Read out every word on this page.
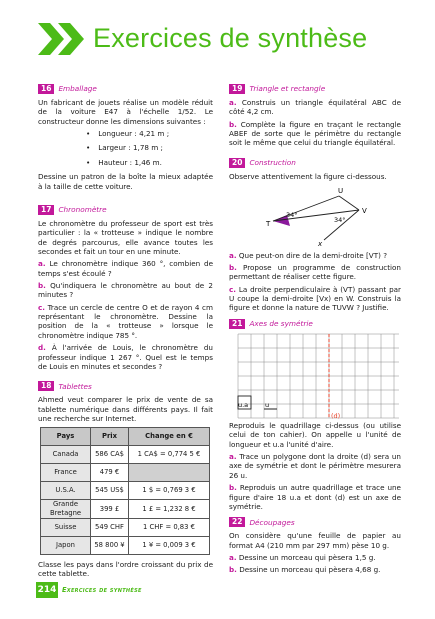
Exercices de synthèse
16 Emballage

Un fabricant de jouets réalise un modèle réduit de la voiture E47 à l'échelle 1/52. Le constructeur donne les dimensions suivantes :

• Longueur : 4,21 m ;
• Largeur : 1,78 m ;
• Hauteur : 1,46 m.

Dessine un patron de la boîte la mieux adaptée à la taille de cette voiture.

17 Chronomètre

Le chronomètre du professeur de sport est très particulier : la « trotteuse » indique le nombre de degrés parcourus, elle avance toutes les secondes et fait un tour en une minute.

a. Le chronomètre indique 360 °, combien de temps s'est écoulé ?

b. Qu'indiquera le chronomètre au bout de 2 minutes ?

c. Trace un cercle de centre O et de rayon 4 cm représentant le chronomètre. Dessine la position de la « trotteuse » lorsque le chronomètre indique 785 °.

d. À l'arrivée de Louis, le chronomètre du professeur indique 1 267 °. Quel est le temps de Louis en minutes et secondes ?

18 Tablettes

Ahmed veut comparer le prix de vente de sa tablette numérique dans différents pays. Il fait une recherche sur Internet.

Pays	Prix	Change en €
Canada	586 CA$	1 CA$ = 0,774 5 €
France	479 €	
U.S.A.	545 US$	1 $ = 0,769 3 €
Grande Bretagne	399 £	1 £ = 1,232 8 €
Suisse	549 CHF	1 CHF = 0,83 €
Japon	58 800 ¥	1 ¥ = 0,009 3 €

Classe les pays dans l'ordre croissant du prix de cette tablette.

19 Triangle et rectangle

a. Construis un triangle équilatéral ABC de côté 4,2 cm.

b. Complète la figure en traçant le rectangle ABEF de sorte que le périmètre du rectangle soit le même que celui du triangle équilatéral.

20 Construction

Observe attentivement la figure ci-dessous.

U
T
V
x
34°
34°

a. Que peut-on dire de la demi-droite [VT) ?

b. Propose un programme de construction permettant de réaliser cette figure.

c. La droite perpendiculaire à (VT) passant par U coupe la demi-droite [Vx) en W. Construis la figure et donne la nature de TUVW ? Justifie.

21 Axes de symétrie
u.a	u
(d)

Reproduis le quadrillage ci-dessus (ou utilise celui de ton cahier). On appelle u l'unité de longueur et u.a l'unité d'aire.

a. Trace un polygone dont la droite (d) sera un axe de symétrie et dont le périmètre mesurera 26 u.

b. Reproduis un autre quadrillage et trace une figure d'aire 18 u.a et dont (d) est un axe de symétrie.

22 Découpages

On considère qu'une feuille de papier au format A4 (210 mm par 297 mm) pèse 10 g.

a. Dessine un morceau qui pèsera 1,5 g.

b. Dessine un morceau qui pèsera 4,68 g.

214 Exercices de synthèse
